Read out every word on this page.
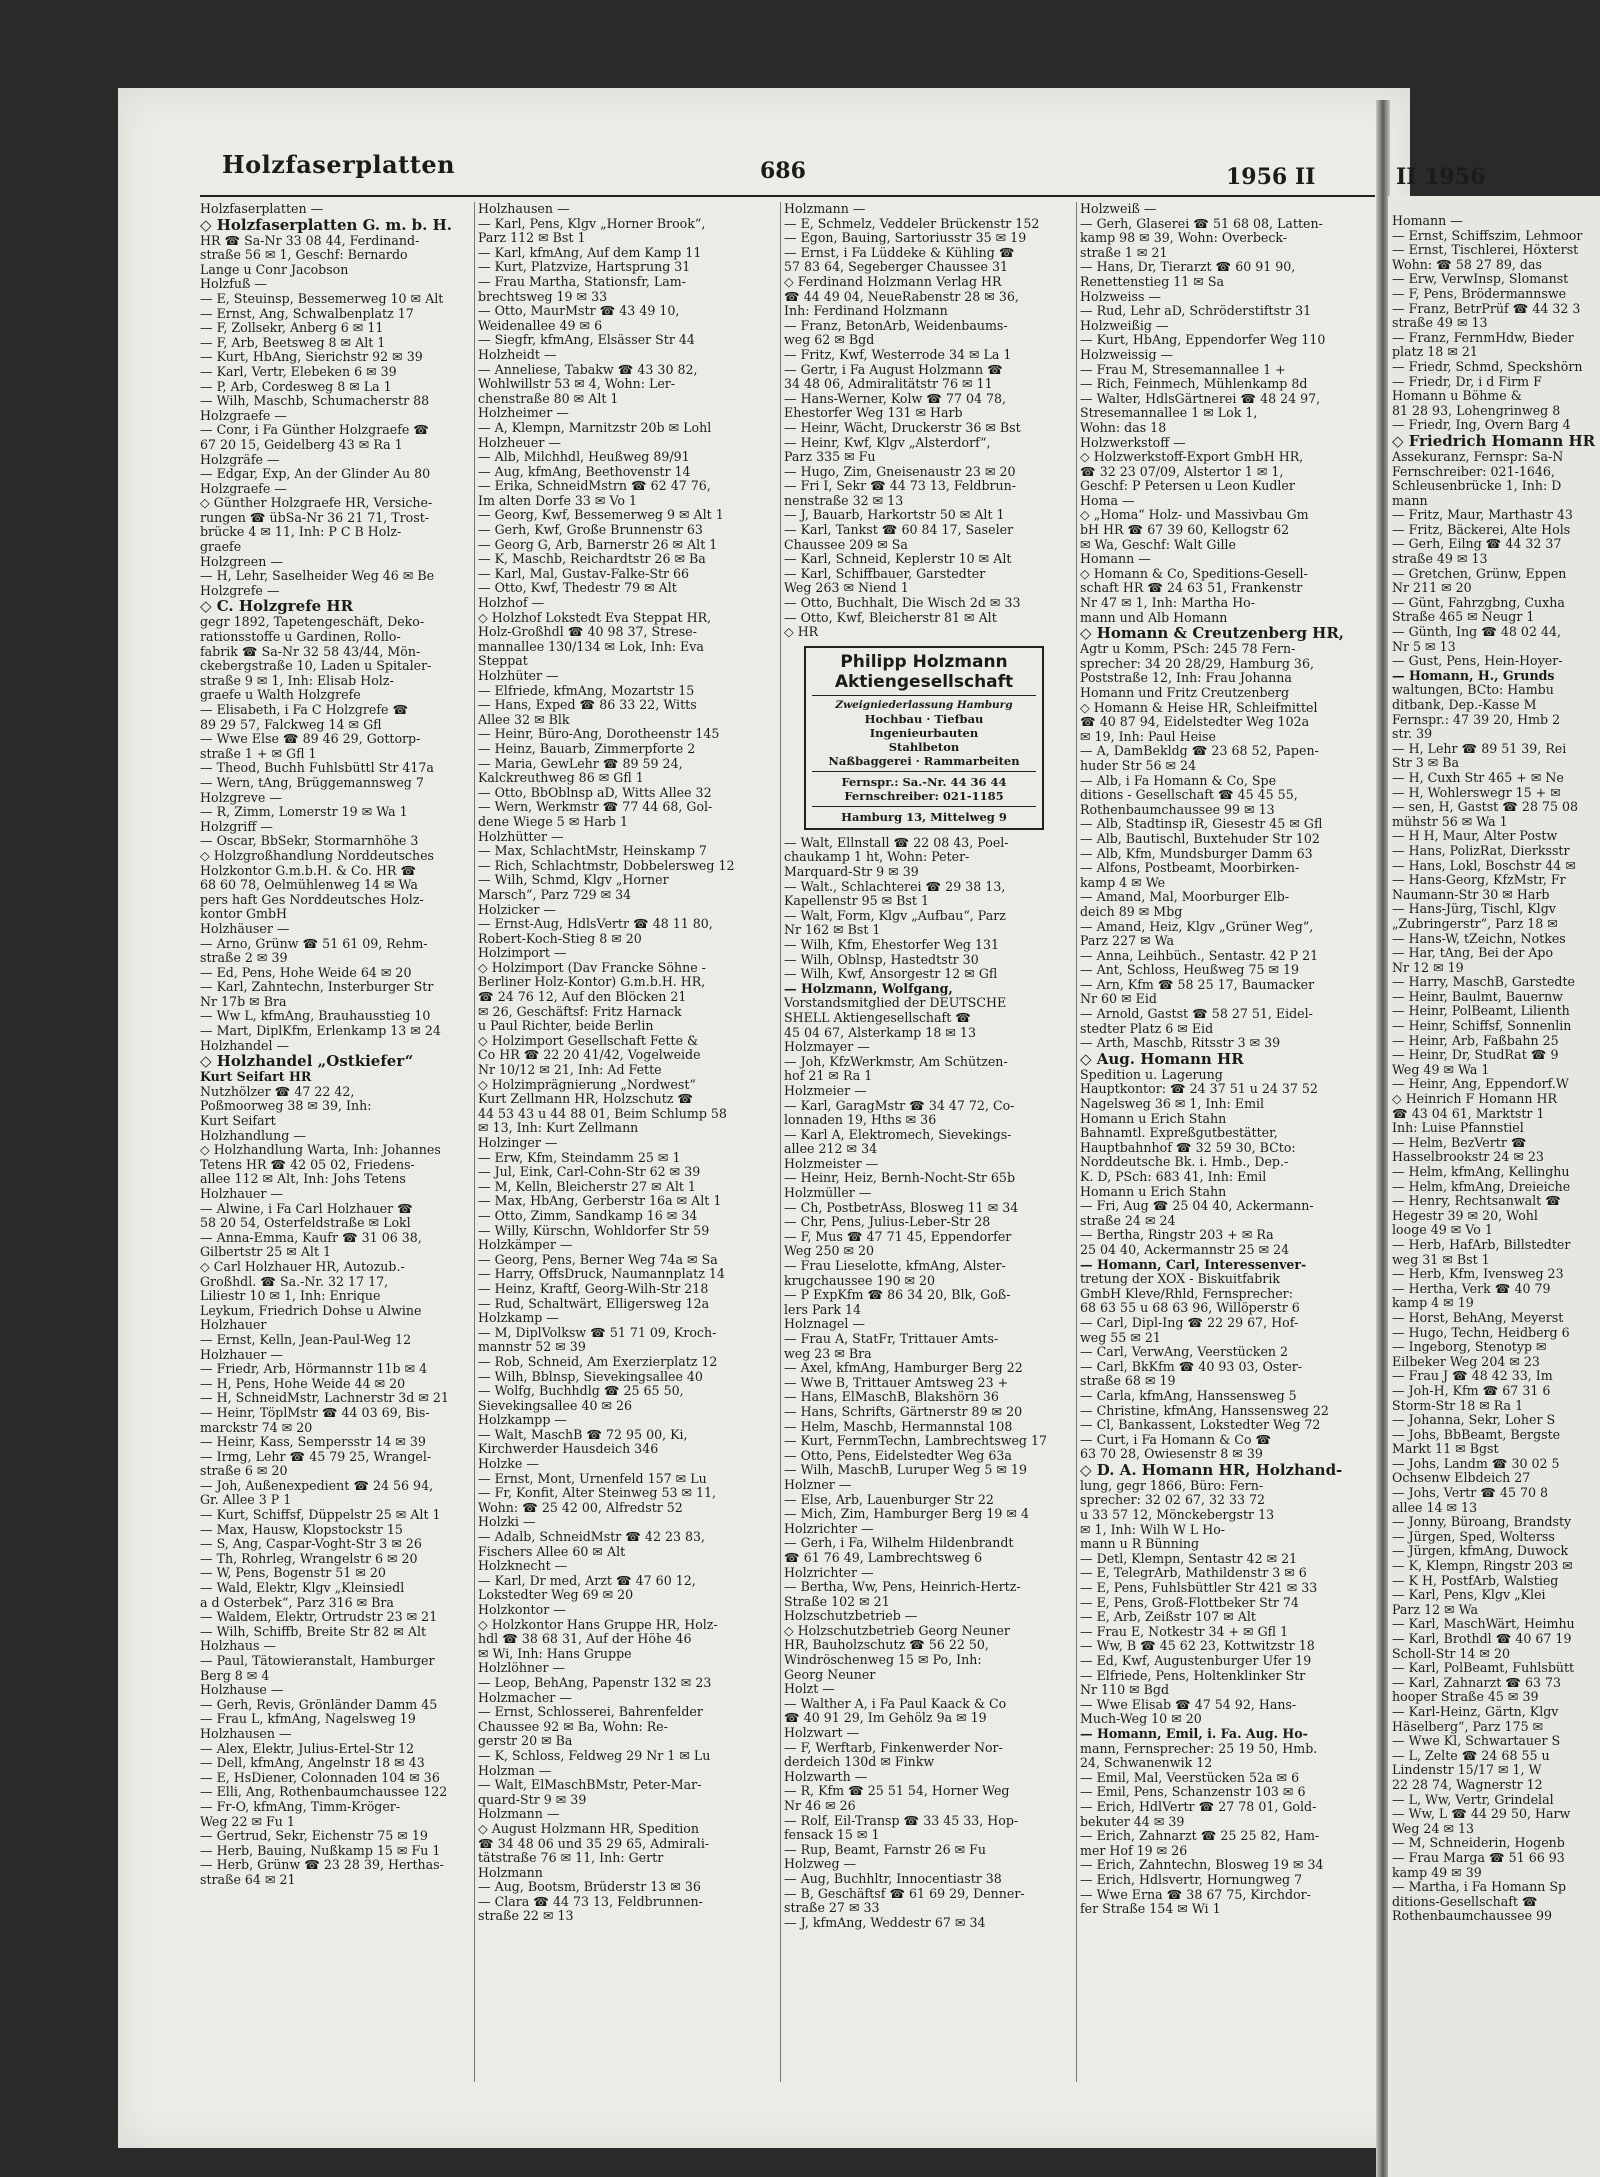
Holzfaserplatten	686	1956 II	II 1956
Holzfaserplatten —
◇ Holzfaserplatten G. m. b. H.
HR ☎ Sa-Nr 33 08 44, Ferdinand-
straße 56 ✉ 1, Geschf: Bernardo
Lange u Conr Jacobson
Holzfuß —
— E, Steuinsp, Bessemerweg 10 ✉ Alt
— Ernst, Ang, Schwalbenplatz 17
— F, Zollsekr, Anberg 6 ✉ 11
— F, Arb, Beetsweg 8 ✉ Alt 1
— Kurt, HbAng, Sierichstr 92 ✉ 39
— Karl, Vertr, Elebeken 6 ✉ 39
— P, Arb, Cordesweg 8 ✉ La 1
— Wilh, Maschb, Schumacherstr 88
Holzgraefe —
— Conr, i Fa Günther Holzgraefe ☎
67 20 15, Geidelberg 43 ✉ Ra 1
Holzgräfe —
— Edgar, Exp, An der Glinder Au 80
Holzgraefe —
◇ Günther Holzgraefe HR, Versiche-
rungen ☎ übSa-Nr 36 21 71, Trost-
brücke 4 ✉ 11, Inh: P C B Holz-
graefe
Holzgreen —
— H, Lehr, Saselheider Weg 46 ✉ Be
Holzgrefe —
◇ C. Holzgrefe HR
gegr 1892, Tapetengeschäft, Deko-
rationsstoffe u Gardinen, Rollo-
fabrik ☎ Sa-Nr 32 58 43/44, Mön-
ckebergstraße 10, Laden u Spitaler-
straße 9 ✉ 1, Inh: Elisab Holz-
graefe u Walth Holzgrefe
— Elisabeth, i Fa C Holzgrefe ☎
89 29 57, Falckweg 14 ✉ Gfl
— Wwe Else ☎ 89 46 29, Gottorp-
straße 1 + ✉ Gfl 1
— Theod, Buchh Fuhlsbüttl Str 417a
— Wern, tAng, Brüggemannsweg 7
Holzgreve —
— R, Zimm, Lomerstr 19 ✉ Wa 1
Holzgriff —
— Oscar, BbSekr, Stormarnhöhe 3
◇ Holzgroßhandlung Norddeutsches
Holzkontor G.m.b.H. & Co. HR ☎
68 60 78, Oelmühlenweg 14 ✉ Wa
pers haft Ges Norddeutsches Holz-
kontor GmbH
Holzhäuser —
— Arno, Grünw ☎ 51 61 09, Rehm-
straße 2 ✉ 39
— Ed, Pens, Hohe Weide 64 ✉ 20
— Karl, Zahntechn, Insterburger Str
Nr 17b ✉ Bra
— Ww L, kfmAng, Brauhausstieg 10
— Mart, DiplKfm, Erlenkamp 13 ✉ 24
Holzhandel —
◇ Holzhandel „Ostkiefer“
Kurt Seifart HR
Nutzhölzer ☎ 47 22 42,
Poßmoorweg 38 ✉ 39, Inh:
Kurt Seifart
Holzhandlung —
◇ Holzhandlung Warta, Inh: Johannes
Tetens HR ☎ 42 05 02, Friedens-
allee 112 ✉ Alt, Inh: Johs Tetens
Holzhauer —
— Alwine, i Fa Carl Holzhauer ☎
58 20 54, Osterfeldstraße ✉ Lokl
— Anna-Emma, Kaufr ☎ 31 06 38,
Gilbertstr 25 ✉ Alt 1
◇ Carl Holzhauer HR, Autozub.-
Großhdl. ☎ Sa.-Nr. 32 17 17,
Liliestr 10 ✉ 1, Inh: Enrique
Leykum, Friedrich Dohse u Alwine
Holzhauer
— Ernst, Kelln, Jean-Paul-Weg 12
Holzhauer —
— Friedr, Arb, Hörmannstr 11b ✉ 4
— H, Pens, Hohe Weide 44 ✉ 20
— H, SchneidMstr, Lachnerstr 3d ✉ 21
— Heinr, TöplMstr ☎ 44 03 69, Bis-
marckstr 74 ✉ 20
— Heinr, Kass, Sempersstr 14 ✉ 39
— Irmg, Lehr ☎ 45 79 25, Wrangel-
straße 6 ✉ 20
— Joh, Außenexpedient ☎ 24 56 94,
Gr. Allee 3 P 1
— Kurt, Schiffsf, Düppelstr 25 ✉ Alt 1
— Max, Hausw, Klopstockstr 15
— S, Ang, Caspar-Voght-Str 3 ✉ 26
— Th, Rohrleg, Wrangelstr 6 ✉ 20
— W, Pens, Bogenstr 51 ✉ 20
— Wald, Elektr, Klgv „Kleinsiedl
a d Osterbek“, Parz 316 ✉ Bra
— Waldem, Elektr, Ortrudstr 23 ✉ 21
— Wilh, Schiffb, Breite Str 82 ✉ Alt
Holzhaus —
— Paul, Tätowieranstalt, Hamburger
Berg 8 ✉ 4
Holzhause —
— Gerh, Revis, Grönländer Damm 45
— Frau L, kfmAng, Nagelsweg 19
Holzhausen —
— Alex, Elektr, Julius-Ertel-Str 12
— Dell, kfmAng, Angelnstr 18 ✉ 43
— E, HsDiener, Colonnaden 104 ✉ 36
— Elli, Ang, Rothenbaumchaussee 122
— Fr-O, kfmAng, Timm-Kröger-
Weg 22 ✉ Fu 1
— Gertrud, Sekr, Eichenstr 75 ✉ 19
— Herb, Bauing, Nußkamp 15 ✉ Fu 1
— Herb, Grünw ☎ 23 28 39, Herthas-
straße 64 ✉ 21
Holzhausen —
— Karl, Pens, Klgv „Horner Brook“,
Parz 112 ✉ Bst 1
— Karl, kfmAng, Auf dem Kamp 11
— Kurt, Platzvize, Hartsprung 31
— Frau Martha, Stationsfr, Lam-
brechtsweg 19 ✉ 33
— Otto, MaurMstr ☎ 43 49 10,
Weidenallee 49 ✉ 6
— Siegfr, kfmAng, Elsässer Str 44
Holzheidt —
— Anneliese, Tabakw ☎ 43 30 82,
Wohlwillstr 53 ✉ 4, Wohn: Ler-
chenstraße 80 ✉ Alt 1
Holzheimer —
— A, Klempn, Marnitzstr 20b ✉ Lohl
Holzheuer —
— Alb, Milchhdl, Heußweg 89/91
— Aug, kfmAng, Beethovenstr 14
— Erika, SchneidMstrn ☎ 62 47 76,
Im alten Dorfe 33 ✉ Vo 1
— Georg, Kwf, Bessemerweg 9 ✉ Alt 1
— Gerh, Kwf, Große Brunnenstr 63
— Georg G, Arb, Barnerstr 26 ✉ Alt 1
— K, Maschb, Reichardtstr 26 ✉ Ba
— Karl, Mal, Gustav-Falke-Str 66
— Otto, Kwf, Thedestr 79 ✉ Alt
Holzhof —
◇ Holzhof Lokstedt Eva Steppat HR,
Holz-Großhdl ☎ 40 98 37, Strese-
mannallee 130/134 ✉ Lok, Inh: Eva
Steppat
Holzhüter —
— Elfriede, kfmAng, Mozartstr 15
— Hans, Exped ☎ 86 33 22, Witts
Allee 32 ✉ Blk
— Heinr, Büro-Ang, Dorotheenstr 145
— Heinz, Bauarb, Zimmerpforte 2
— Maria, GewLehr ☎ 89 59 24,
Kalckreuthweg 86 ✉ Gfl 1
— Otto, BbOblnsp aD, Witts Allee 32
— Wern, Werkmstr ☎ 77 44 68, Gol-
dene Wiege 5 ✉ Harb 1
Holzhütter —
— Max, SchlachtMstr, Heinskamp 7
— Rich, Schlachtmstr, Dobbelersweg 12
— Wilh, Schmd, Klgv „Horner
Marsch“, Parz 729 ✉ 34
Holzicker —
— Ernst-Aug, HdlsVertr ☎ 48 11 80,
Robert-Koch-Stieg 8 ✉ 20
Holzimport —
◇ Holzimport (Dav Francke Söhne -
Berliner Holz-Kontor) G.m.b.H. HR,
☎ 24 76 12, Auf den Blöcken 21
✉ 26, Geschäftsf: Fritz Harnack
u Paul Richter, beide Berlin
◇ Holzimport Gesellschaft Fette &
Co HR ☎ 22 20 41/42, Vogelweide
Nr 10/12 ✉ 21, Inh: Ad Fette
◇ Holzimprägnierung „Nordwest“
Kurt Zellmann HR, Holzschutz ☎
44 53 43 u 44 88 01, Beim Schlump 58
✉ 13, Inh: Kurt Zellmann
Holzinger —
— Erw, Kfm, Steindamm 25 ✉ 1
— Jul, Eink, Carl-Cohn-Str 62 ✉ 39
— M, Kelln, Bleicherstr 27 ✉ Alt 1
— Max, HbAng, Gerberstr 16a ✉ Alt 1
— Otto, Zimm, Sandkamp 16 ✉ 34
— Willy, Kürschn, Wohldorfer Str 59
Holzkämper —
— Georg, Pens, Berner Weg 74a ✉ Sa
— Harry, OffsDruck, Naumannplatz 14
— Heinz, Kraftf, Georg-Wilh-Str 218
— Rud, Schaltwärt, Elligersweg 12a
Holzkamp —
— M, DiplVolksw ☎ 51 71 09, Kroch-
mannstr 52 ✉ 39
— Rob, Schneid, Am Exerzierplatz 12
— Wilh, Bblnsp, Sievekingsallee 40
— Wolfg, Buchhdlg ☎ 25 65 50,
Sievekingsallee 40 ✉ 26
Holzkampp —
— Walt, MaschB ☎ 72 95 00, Ki,
Kirchwerder Hausdeich 346
Holzke —
— Ernst, Mont, Urnenfeld 157 ✉ Lu
— Fr, Konfit, Alter Steinweg 53 ✉ 11,
Wohn: ☎ 25 42 00, Alfredstr 52
Holzki —
— Adalb, SchneidMstr ☎ 42 23 83,
Fischers Allee 60 ✉ Alt
Holzknecht —
— Karl, Dr med, Arzt ☎ 47 60 12,
Lokstedter Weg 69 ✉ 20
Holzkontor —
◇ Holzkontor Hans Gruppe HR, Holz-
hdl ☎ 38 68 31, Auf der Höhe 46
✉ Wi, Inh: Hans Gruppe
Holzlöhner —
— Leop, BehAng, Papenstr 132 ✉ 23
Holzmacher —
— Ernst, Schlosserei, Bahrenfelder
Chaussee 92 ✉ Ba, Wohn: Re-
gerstr 20 ✉ Ba
— K, Schloss, Feldweg 29 Nr 1 ✉ Lu
Holzman —
— Walt, ElMaschBMstr, Peter-Mar-
quard-Str 9 ✉ 39
Holzmann —
◇ August Holzmann HR, Spedition
☎ 34 48 06 und 35 29 65, Admirali-
tätstraße 76 ✉ 11, Inh: Gertr
Holzmann
— Aug, Bootsm, Brüderstr 13 ✉ 36
— Clara ☎ 44 73 13, Feldbrunnen-
straße 22 ✉ 13
Holzmann —
— E, Schmelz, Veddeler Brückenstr 152
— Egon, Bauing, Sartoriusstr 35 ✉ 19
— Ernst, i Fa Lüddeke & Kühling ☎
57 83 64, Segeberger Chaussee 31
◇ Ferdinand Holzmann Verlag HR
☎ 44 49 04, NeueRabenstr 28 ✉ 36,
Inh: Ferdinand Holzmann
— Franz, BetonArb, Weidenbaums-
weg 62 ✉ Bgd
— Fritz, Kwf, Westerrode 34 ✉ La 1
— Gertr, i Fa August Holzmann ☎
34 48 06, Admiralitätstr 76 ✉ 11
— Hans-Werner, Kolw ☎ 77 04 78,
Ehestorfer Weg 131 ✉ Harb
— Heinr, Wächt, Druckerstr 36 ✉ Bst
— Heinr, Kwf, Klgv „Alsterdorf“,
Parz 335 ✉ Fu
— Hugo, Zim, Gneisenaustr 23 ✉ 20
— Fri I, Sekr ☎ 44 73 13, Feldbrun-
nenstraße 32 ✉ 13
— J, Bauarb, Harkortstr 50 ✉ Alt 1
— Karl, Tankst ☎ 60 84 17, Saseler
Chaussee 209 ✉ Sa
— Karl, Schneid, Keplerstr 10 ✉ Alt
— Karl, Schiffbauer, Garstedter
Weg 263 ✉ Niend 1
— Otto, Buchhalt, Die Wisch 2d ✉ 33
— Otto, Kwf, Bleicherstr 81 ✉ Alt
◇ HR
Philipp Holzmann
Aktiengesellschaft
Zweigniederlassung Hamburg
Hochbau · Tiefbau
Ingenieurbauten
Stahlbeton
Naßbaggerei · Rammarbeiten
Fernspr.: Sa.-Nr. 44 36 44
Fernschreiber: 021-1185
Hamburg 13, Mittelweg 9
— Walt, Ellnstall ☎ 22 08 43, Poel-
chaukamp 1 ht, Wohn: Peter-
Marquard-Str 9 ✉ 39
— Walt., Schlachterei ☎ 29 38 13,
Kapellenstr 95 ✉ Bst 1
— Walt, Form, Klgv „Aufbau“, Parz
Nr 162 ✉ Bst 1
— Wilh, Kfm, Ehestorfer Weg 131
— Wilh, Oblnsp, Hastedtstr 30
— Wilh, Kwf, Ansorgestr 12 ✉ Gfl
— Holzmann, Wolfgang,
Vorstandsmitglied der DEUTSCHE
SHELL Aktiengesellschaft ☎
45 04 67, Alsterkamp 18 ✉ 13
Holzmayer —
— Joh, KfzWerkmstr, Am Schützen-
hof 21 ✉ Ra 1
Holzmeier —
— Karl, GaragMstr ☎ 34 47 72, Co-
lonnaden 19, Hths ✉ 36
— Karl A, Elektromech, Sievekings-
allee 212 ✉ 34
Holzmeister —
— Heinr, Heiz, Bernh-Nocht-Str 65b
Holzmüller —
— Ch, PostbetrAss, Blosweg 11 ✉ 34
— Chr, Pens, Julius-Leber-Str 28
— F, Mus ☎ 47 71 45, Eppendorfer
Weg 250 ✉ 20
— Frau Lieselotte, kfmAng, Alster-
krugchaussee 190 ✉ 20
— P ExpKfm ☎ 86 34 20, Blk, Goß-
lers Park 14
Holznagel —
— Frau A, StatFr, Trittauer Amts-
weg 23 ✉ Bra
— Axel, kfmAng, Hamburger Berg 22
— Wwe B, Trittauer Amtsweg 23 +
— Hans, ElMaschB, Blakshörn 36
— Hans, Schrifts, Gärtnerstr 89 ✉ 20
— Helm, Maschb, Hermannstal 108
— Kurt, FernmTechn, Lambrechtsweg 17
— Otto, Pens, Eidelstedter Weg 63a
— Wilh, MaschB, Luruper Weg 5 ✉ 19
Holzner —
— Else, Arb, Lauenburger Str 22
— Mich, Zim, Hamburger Berg 19 ✉ 4
Holzrichter —
— Gerh, i Fa, Wilhelm Hildenbrandt
☎ 61 76 49, Lambrechtsweg 6
Holzrichter —
— Bertha, Ww, Pens, Heinrich-Hertz-
Straße 102 ✉ 21
Holzschutzbetrieb —
◇ Holzschutzbetrieb Georg Neuner
HR, Bauholzschutz ☎ 56 22 50,
Windröschenweg 15 ✉ Po, Inh:
Georg Neuner
Holzt —
— Walther A, i Fa Paul Kaack & Co
☎ 40 91 29, Im Gehölz 9a ✉ 19
Holzwart —
— F, Werftarb, Finkenwerder Nor-
derdeich 130d ✉ Finkw
Holzwarth —
— R, Kfm ☎ 25 51 54, Horner Weg
Nr 46 ✉ 26
— Rolf, Eil-Transp ☎ 33 45 33, Hop-
fensack 15 ✉ 1
— Rup, Beamt, Farnstr 26 ✉ Fu
Holzweg —
— Aug, Buchhltr, Innocentiastr 38
— B, Geschäftsf ☎ 61 69 29, Denner-
straße 27 ✉ 33
— J, kfmAng, Weddestr 67 ✉ 34
Holzweiß —
— Gerh, Glaserei ☎ 51 68 08, Latten-
kamp 98 ✉ 39, Wohn: Overbeck-
straße 1 ✉ 21
— Hans, Dr, Tierarzt ☎ 60 91 90,
Renettenstieg 11 ✉ Sa
Holzweiss —
— Rud, Lehr aD, Schröderstiftstr 31
Holzweißig —
— Kurt, HbAng, Eppendorfer Weg 110
Holzweissig —
— Frau M, Stresemannallee 1 +
— Rich, Feinmech, Mühlenkamp 8d
— Walter, HdlsGärtnerei ☎ 48 24 97,
Stresemannallee 1 ✉ Lok 1,
Wohn: das 18
Holzwerkstoff —
◇ Holzwerkstoff-Export GmbH HR,
☎ 32 23 07/09, Alstertor 1 ✉ 1,
Geschf: P Petersen u Leon Kudler
Homa —
◇ „Homa“ Holz- und Massivbau Gm
bH HR ☎ 67 39 60, Kellogstr 62
✉ Wa, Geschf: Walt Gille
Homann —
◇ Homann & Co, Speditions-Gesell-
schaft HR ☎ 24 63 51, Frankenstr
Nr 47 ✉ 1, Inh: Martha Ho-
mann und Alb Homann
◇ Homann & Creutzenberg HR,
Agtr u Komm, PSch: 245 78 Fern-
sprecher: 34 20 28/29, Hamburg 36,
Poststraße 12, Inh: Frau Johanna
Homann und Fritz Creutzenberg
◇ Homann & Heise HR, Schleifmittel
☎ 40 87 94, Eidelstedter Weg 102a
✉ 19, Inh: Paul Heise
— A, DamBekldg ☎ 23 68 52, Papen-
huder Str 56 ✉ 24
— Alb, i Fa Homann & Co, Spe
ditions - Gesellschaft ☎ 45 45 55,
Rothenbaumchaussee 99 ✉ 13
— Alb, Stadtinsp iR, Giesestr 45 ✉ Gfl
— Alb, Bautischl, Buxtehuder Str 102
— Alb, Kfm, Mundsburger Damm 63
— Alfons, Postbeamt, Moorbirken-
kamp 4 ✉ We
— Amand, Mal, Moorburger Elb-
deich 89 ✉ Mbg
— Amand, Heiz, Klgv „Grüner Weg“,
Parz 227 ✉ Wa
— Anna, Leihbüch., Sentastr. 42 P 21
— Ant, Schloss, Heußweg 75 ✉ 19
— Arn, Kfm ☎ 58 25 17, Baumacker
Nr 60 ✉ Eid
— Arnold, Gastst ☎ 58 27 51, Eidel-
stedter Platz 6 ✉ Eid
— Arth, Maschb, Ritsstr 3 ✉ 39
◇ Aug. Homann HR
Spedition u. Lagerung
Hauptkontor: ☎ 24 37 51 u 24 37 52
Nagelsweg 36 ✉ 1, Inh: Emil
Homann u Erich Stahn
Bahnamtl. Expreßgutbestätter,
Hauptbahnhof ☎ 32 59 30, BCto:
Norddeutsche Bk. i. Hmb., Dep.-
K. D, PSch: 683 41, Inh: Emil
Homann u Erich Stahn
— Fri, Aug ☎ 25 04 40, Ackermann-
straße 24 ✉ 24
— Bertha, Ringstr 203 + ✉ Ra
25 04 40, Ackermannstr 25 ✉ 24
— Homann, Carl, Interessenver-
tretung der XOX - Biskuitfabrik
GmbH Kleve/Rhld, Fernsprecher:
68 63 55 u 68 63 96, Willöperstr 6
— Carl, Dipl-Ing ☎ 22 29 67, Hof-
weg 55 ✉ 21
— Carl, VerwAng, Veerstücken 2
— Carl, BkKfm ☎ 40 93 03, Oster-
straße 68 ✉ 19
— Carla, kfmAng, Hanssensweg 5
— Christine, kfmAng, Hanssensweg 22
— Cl, Bankassent, Lokstedter Weg 72
— Curt, i Fa Homann & Co ☎
63 70 28, Owiesenstr 8 ✉ 39
◇ D. A. Homann HR, Holzhand-
lung, gegr 1866, Büro: Fern-
sprecher: 32 02 67, 32 33 72
u 33 57 12, Mönckebergstr 13
✉ 1, Inh: Wilh W L Ho-
mann u R Bünning
— Detl, Klempn, Sentastr 42 ✉ 21
— E, TelegrArb, Mathildenstr 3 ✉ 6
— E, Pens, Fuhlsbüttler Str 421 ✉ 33
— E, Pens, Groß-Flottbeker Str 74
— E, Arb, Zeißstr 107 ✉ Alt
— Frau E, Notkestr 34 + ✉ Gfl 1
— Ww, B ☎ 45 62 23, Kottwitzstr 18
— Ed, Kwf, Augustenburger Ufer 19
— Elfriede, Pens, Holtenklinker Str
Nr 110 ✉ Bgd
— Wwe Elisab ☎ 47 54 92, Hans-
Much-Weg 10 ✉ 20
— Homann, Emil, i. Fa. Aug. Ho-
mann, Fernsprecher: 25 19 50, Hmb.
24, Schwanenwik 12
— Emil, Mal, Veerstücken 52a ✉ 6
— Emil, Pens, Schanzenstr 103 ✉ 6
— Erich, HdlVertr ☎ 27 78 01, Gold-
bekuter 44 ✉ 39
— Erich, Zahnarzt ☎ 25 25 82, Ham-
mer Hof 19 ✉ 26
— Erich, Zahntechn, Blosweg 19 ✉ 34
— Erich, Hdlsvertr, Hornungweg 7
— Wwe Erna ☎ 38 67 75, Kirchdor-
fer Straße 154 ✉ Wi 1
Homann —
— Ernst, Schiffszim, Lehmoor
— Ernst, Tischlerei, Höxterst
Wohn: ☎ 58 27 89, das
— Erw, VerwInsp, Slomanst
— F, Pens, Brödermannswe
— Franz, BetrPrüf ☎ 44 32 3
straße 49 ✉ 13
— Franz, FernmHdw, Bieder
platz 18 ✉ 21
— Friedr, Schmd, Speckshörn
— Friedr, Dr, i d Firm F
Homann u Böhme &
81 28 93, Lohengrinweg 8
— Friedr, Ing, Overn Barg 4
◇ Friedrich Homann HR
Assekuranz, Fernspr: Sa-N
Fernschreiber: 021-1646,
Schleusenbrücke 1, Inh: D
mann
— Fritz, Maur, Marthastr 43
— Fritz, Bäckerei, Alte Hols
— Gerh, Eilng ☎ 44 32 37
straße 49 ✉ 13
— Gretchen, Grünw, Eppen
Nr 211 ✉ 20
— Günt, Fahrzgbng, Cuxha
Straße 465 ✉ Neugr 1
— Günth, Ing ☎ 48 02 44,
Nr 5 ✉ 13
— Gust, Pens, Hein-Hoyer-
— Homann, H., Grunds
waltungen, BCto: Hambu
ditbank, Dep.-Kasse M
Fernspr.: 47 39 20, Hmb 2
str. 39
— H, Lehr ☎ 89 51 39, Rei
Str 3 ✉ Ba
— H, Cuxh Str 465 + ✉ Ne
— H, Wohlerswegr 15 + ✉
— sen, H, Gastst ☎ 28 75 08
mühstr 56 ✉ Wa 1
— H H, Maur, Alter Postw
— Hans, PolizRat, Dierksstr
— Hans, Lokl, Boschstr 44 ✉
— Hans-Georg, KfzMstr, Fr
Naumann-Str 30 ✉ Harb
— Hans-Jürg, Tischl, Klgv
„Zubringerstr“, Parz 18 ✉
— Hans-W, tZeichn, Notkes
— Har, tAng, Bei der Apo
Nr 12 ✉ 19
— Harry, MaschB, Garstedte
— Heinr, Baulmt, Bauernw
— Heinr, PolBeamt, Lilienth
— Heinr, Schiffsf, Sonnenlin
— Heinr, Arb, Faßbahn 25
— Heinr, Dr, StudRat ☎ 9
Weg 49 ✉ Wa 1
— Heinr, Ang, Eppendorf.W
◇ Heinrich F Homann HR
☎ 43 04 61, Marktstr 1
Inh: Luise Pfannstiel
— Helm, BezVertr ☎
Hasselbrookstr 24 ✉ 23
— Helm, kfmAng, Kellinghu
— Helm, kfmAng, Dreieiche
— Henry, Rechtsanwalt ☎
Hegestr 39 ✉ 20, Wohl
looge 49 ✉ Vo 1
— Herb, HafArb, Billstedter
weg 31 ✉ Bst 1
— Herb, Kfm, Ivensweg 23
— Hertha, Verk ☎ 40 79
kamp 4 ✉ 19
— Horst, BehAng, Meyerst
— Hugo, Techn, Heidberg 6
— Ingeborg, Stenotyp ✉
Eilbeker Weg 204 ✉ 23
— Frau J ☎ 48 42 33, Im
— Joh-H, Kfm ☎ 67 31 6
Storm-Str 18 ✉ Ra 1
— Johanna, Sekr, Loher S
— Johs, BbBeamt, Bergste
Markt 11 ✉ Bgst
— Johs, Landm ☎ 30 02 5
Ochsenw Elbdeich 27
— Johs, Vertr ☎ 45 70 8
allee 14 ✉ 13
— Jonny, Büroang, Brandsty
— Jürgen, Sped, Wolterss
— Jürgen, kfmAng, Duwock
— K, Klempn, Ringstr 203 ✉
— K H, PostfArb, Walstieg
— Karl, Pens, Klgv „Klei
Parz 12 ✉ Wa
— Karl, MaschWärt, Heimhu
— Karl, Brothdl ☎ 40 67 19
Scholl-Str 14 ✉ 20
— Karl, PolBeamt, Fuhlsbütt
— Karl, Zahnarzt ☎ 63 73
hooper Straße 45 ✉ 39
— Karl-Heinz, Gärtn, Klgv
Häselberg“, Parz 175 ✉
— Wwe Kl, Schwartauer S
— L, Zelte ☎ 24 68 55 u
Lindenstr 15/17 ✉ 1, W
22 28 74, Wagnerstr 12
— L, Ww, Vertr, Grindelal
— Ww, L ☎ 44 29 50, Harw
Weg 24 ✉ 13
— M, Schneiderin, Hogenb
— Frau Marga ☎ 51 66 93
kamp 49 ✉ 39
— Martha, i Fa Homann Sp
ditions-Gesellschaft ☎
Rothenbaumchaussee 99
